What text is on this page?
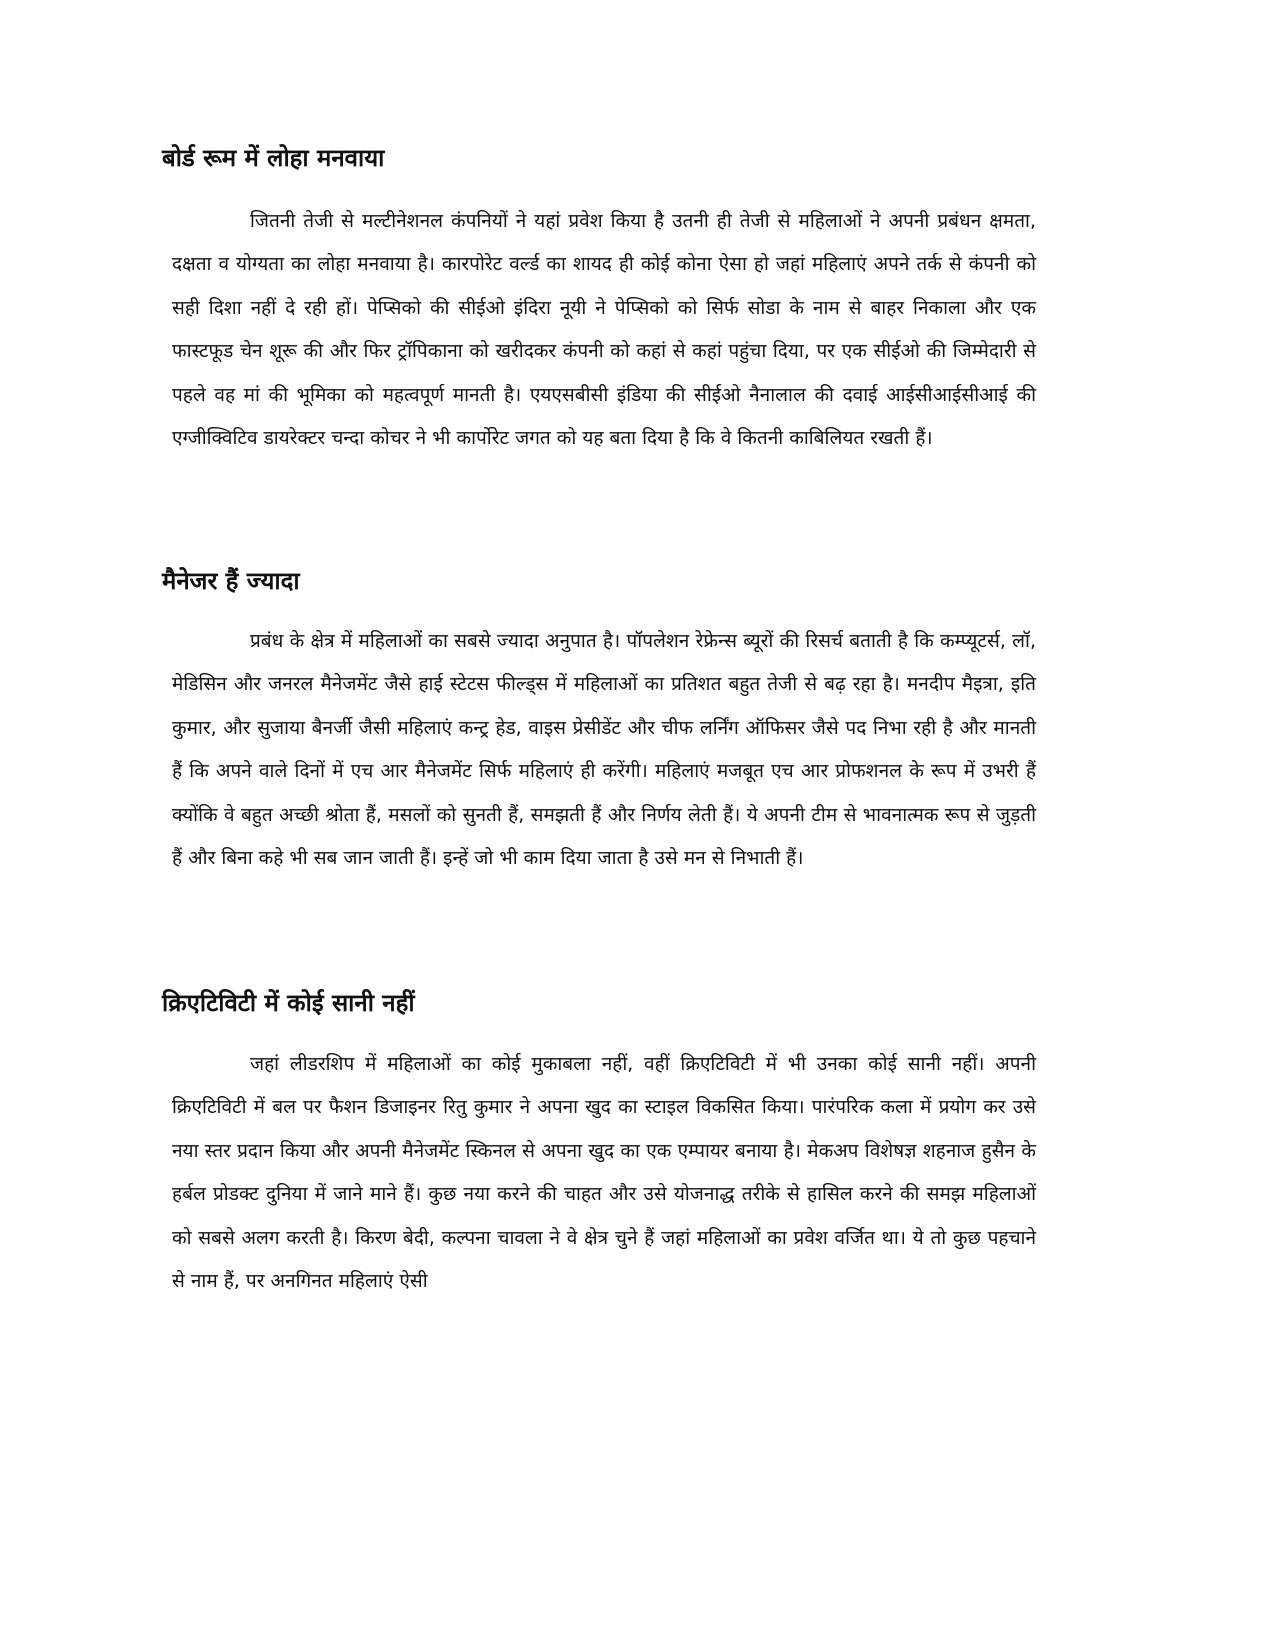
बोर्ड रूम में लोहा मनवाया

जितनी तेजी से मल्टीनेशनल कंपनियों ने यहां प्रवेश किया है उतनी ही तेजी से महिलाओं ने अपनी प्रबंधन क्षमता, दक्षता व योग्यता का लोहा मनवाया है। कारपोरेट वर्ल्ड का शायद ही कोई कोना ऐसा हो जहां महिलाएं अपने तर्क से कंपनी को सही दिशा नहीं दे रही हों। पेप्सिको की सीईओ इंदिरा नूयी ने पेप्सिको को सिर्फ सोडा के नाम से बाहर निकाला और एक फास्टफूड चेन शूरू की और फिर ट्रॉपिकाना को खरीदकर कंपनी को कहां से कहां पहुंचा दिया, पर एक सीईओ की जिम्मेदारी से पहले वह मां की भूमिका को महत्वपूर्ण मानती है। एयएसबीसी इंडिया की सीईओ नैनालाल की दवाई आईसीआईसीआई की एग्जीक्विटिव डायरेक्टर चन्दा कोचर ने भी कार्पोरेट जगत को यह बता दिया है कि वे कितनी काबिलियत रखती हैं।

मैनेजर हैं ज्यादा

प्रबंध के क्षेत्र में महिलाओं का सबसे ज्यादा अनुपात है। पॉपलेशन रेफ्रेन्स ब्यूरों की रिसर्च बताती है कि कम्प्यूटर्स, लॉ, मेडिसिन और जनरल मैनेजमेंट जैसे हाई स्टेटस फील्ड्स में महिलाओं का प्रतिशत बहुत तेजी से बढ़ रहा है। मनदीप मैइत्रा, इति कुमार, और सुजाया बैनर्जी जैसी महिलाएं कन्ट्र हेड, वाइस प्रेसीडेंट और चीफ लर्निंग ऑफिसर जैसे पद निभा रही है और मानती हैं कि अपने वाले दिनों में एच आर मैनेजमेंट सिर्फ महिलाएं ही करेंगी। महिलाएं मजबूत एच आर प्रोफशनल के रूप में उभरी हैं क्योंकि वे बहुत अच्छी श्रोता हैं, मसलों को सुनती हैं, समझती हैं और निर्णय लेती हैं। ये अपनी टीम से भावनात्मक रूप से जुड़ती हैं और बिना कहे भी सब जान जाती हैं। इन्हें जो भी काम दिया जाता है उसे मन से निभाती हैं।

क्रिएटिविटी में कोई सानी नहीं

जहां लीडरशिप में महिलाओं का कोई मुकाबला नहीं, वहीं क्रिएटिविटी में भी उनका कोई सानी नहीं। अपनी क्रिएटिविटी में बल पर फैशन डिजाइनर रितु कुमार ने अपना खुद का स्टाइल विकसित किया। पारंपरिक कला में प्रयोग कर उसे नया स्तर प्रदान किया और अपनी मैनेजमेंट स्किनल से अपना खुद का एक एम्पायर बनाया है। मेकअप विशेषज्ञ शहनाज हुसैन के हर्बल प्रोडक्ट दुनिया में जाने माने हैं। कुछ नया करने की चाहत और उसे योजनाद्ध तरीके से हासिल करने की समझ महिलाओं को सबसे अलग करती है। किरण बेदी, कल्पना चावला ने वे क्षेत्र चुने हैं जहां महिलाओं का प्रवेश वर्जित था। ये तो कुछ पहचाने से नाम हैं, पर अनगिनत महिलाएं ऐसी
